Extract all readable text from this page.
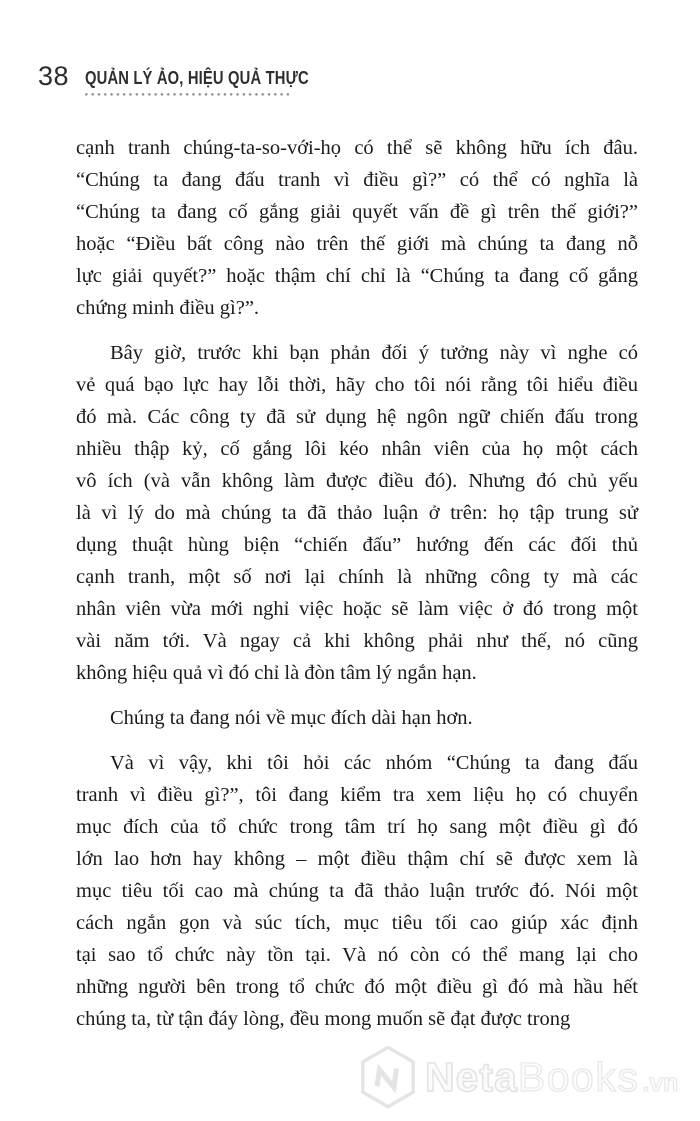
38 QUẢN LÝ ẢO, HIỆU QUẢ THỰC
cạnh tranh chúng-ta-so-với-họ có thể sẽ không hữu ích đâu.
“Chúng ta đang đấu tranh vì điều gì?” có thể có nghĩa là
“Chúng ta đang cố gắng giải quyết vấn đề gì trên thế giới?”
hoặc “Điều bất công nào trên thế giới mà chúng ta đang nỗ
lực giải quyết?” hoặc thậm chí chỉ là “Chúng ta đang cố gắng
chứng minh điều gì?”.
Bây giờ, trước khi bạn phản đối ý tưởng này vì nghe có
vẻ quá bạo lực hay lỗi thời, hãy cho tôi nói rằng tôi hiểu điều
đó mà. Các công ty đã sử dụng hệ ngôn ngữ chiến đấu trong
nhiều thập kỷ, cố gắng lôi kéo nhân viên của họ một cách
vô ích (và vẫn không làm được điều đó). Nhưng đó chủ yếu
là vì lý do mà chúng ta đã thảo luận ở trên: họ tập trung sử
dụng thuật hùng biện “chiến đấu” hướng đến các đối thủ
cạnh tranh, một số nơi lại chính là những công ty mà các
nhân viên vừa mới nghỉ việc hoặc sẽ làm việc ở đó trong một
vài năm tới. Và ngay cả khi không phải như thế, nó cũng
không hiệu quả vì đó chỉ là đòn tâm lý ngắn hạn.
Chúng ta đang nói về mục đích dài hạn hơn.
Và vì vậy, khi tôi hỏi các nhóm “Chúng ta đang đấu
tranh vì điều gì?”, tôi đang kiểm tra xem liệu họ có chuyển
mục đích của tổ chức trong tâm trí họ sang một điều gì đó
lớn lao hơn hay không – một điều thậm chí sẽ được xem là
mục tiêu tối cao mà chúng ta đã thảo luận trước đó. Nói một
cách ngắn gọn và súc tích, mục tiêu tối cao giúp xác định
tại sao tổ chức này tồn tại. Và nó còn có thể mang lại cho
những người bên trong tổ chức đó một điều gì đó mà hầu hết
chúng ta, từ tận đáy lòng, đều mong muốn sẽ đạt được trong
Neta Books .vn
